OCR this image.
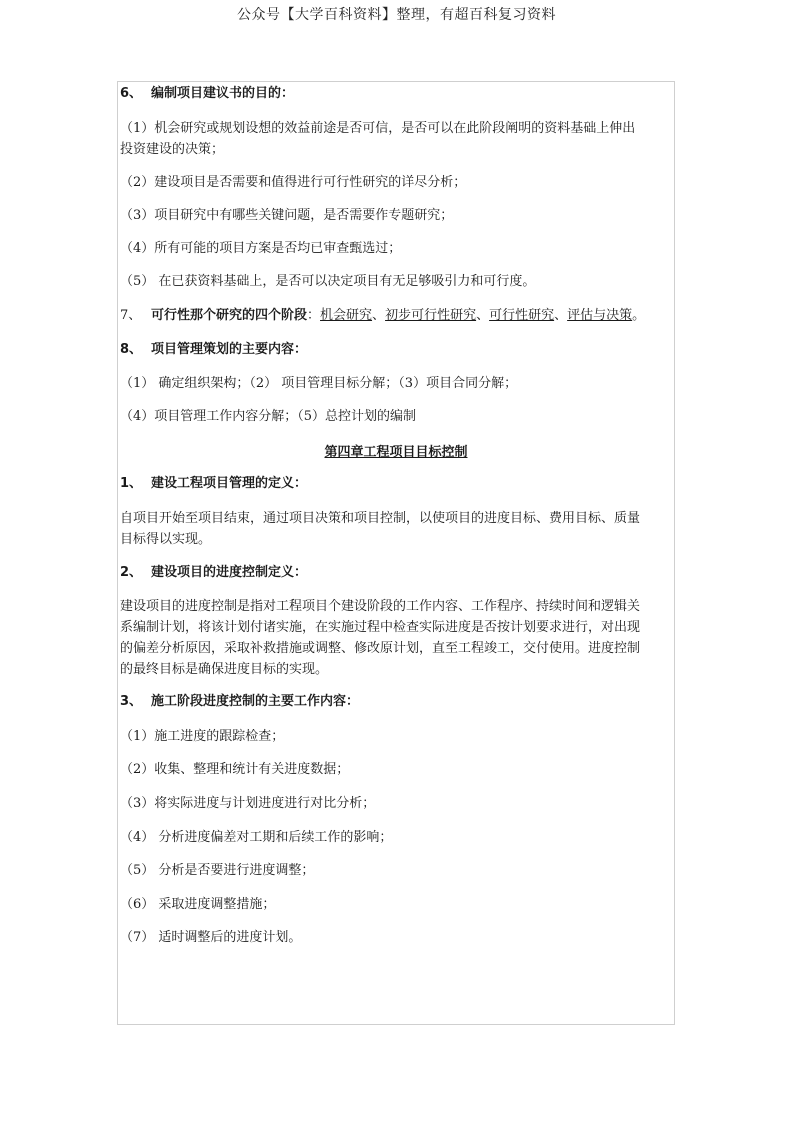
公众号【大学百科资料】整理，有超百科复习资料
6、 编制项目建议书的目的：
（1）机会研究或规划设想的效益前途是否可信，是否可以在此阶段阐明的资料基础上伸出
投资建设的决策；
（2）建设项目是否需要和值得进行可行性研究的详尽分析；
（3）项目研究中有哪些关键问题，是否需要作专题研究；
（4）所有可能的项目方案是否均已审查甄选过；
（5） 在已获资料基础上，是否可以决定项目有无足够吸引力和可行度。
7、 可行性那个研究的四个阶段：机会研究、初步可行性研究、可行性研究、评估与决策。
8、 项目管理策划的主要内容：
（1） 确定组织架构；（2） 项目管理目标分解；（3）项目合同分解；
（4）项目管理工作内容分解；（5）总控计划的编制
第四章工程项目目标控制
1、 建设工程项目管理的定义：
自项目开始至项目结束，通过项目决策和项目控制，以使项目的进度目标、费用目标、质量
目标得以实现。
2、 建设项目的进度控制定义：
建设项目的进度控制是指对工程项目个建设阶段的工作内容、工作程序、持续时间和逻辑关
系编制计划，将该计划付诸实施，在实施过程中检查实际进度是否按计划要求进行，对出现
的偏差分析原因，采取补救措施或调整、修改原计划，直至工程竣工，交付使用。进度控制
的最终目标是确保进度目标的实现。
3、 施工阶段进度控制的主要工作内容：
（1）施工进度的跟踪检查；
（2）收集、整理和统计有关进度数据；
（3）将实际进度与计划进度进行对比分析；
（4） 分析进度偏差对工期和后续工作的影响；
（5） 分析是否要进行进度调整；
（6） 采取进度调整措施；
（7） 适时调整后的进度计划。
